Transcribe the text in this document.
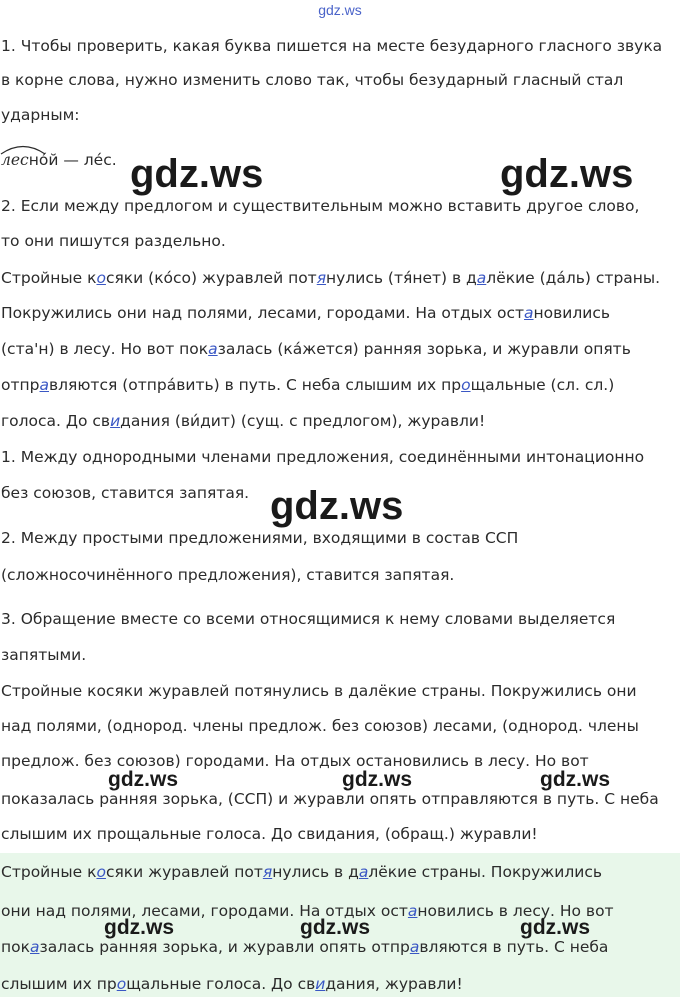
gdz.ws
1. Чтобы проверить, какая буква пишется на месте безударного гласного звука
в корне слова, нужно изменить слово так, чтобы безударный гласный стал
ударным:
лесно́й — ле́с.
2. Если между предлогом и существительным можно вставить другое слово,
то они пишутся раздельно.
Стройные косяки (ко́со) журавлей потянулись (тя́нет) в далёкие (да́ль) страны.
Покружились они над полями, лесами, городами. На отдых остановились
(ста'н) в лесу. Но вот показалась (ка́жется) ранняя зорька, и журавли опять
отправляются (отпра́вить) в путь. С неба слышим их прощальные (сл. сл.)
голоса. До свидания (ви́дит) (сущ. с предлогом), журавли!
1. Между однородными членами предложения, соединёнными интонационно
без союзов, ставится запятая.
2. Между простыми предложениями, входящими в состав ССП
(сложносочинённого предложения), ставится запятая.
3. Обращение вместе со всеми относящимися к нему словами выделяется
запятыми.
Стройные косяки журавлей потянулись в далёкие страны. Покружились они
над полями, (однород. члены предлож. без союзов) лесами, (однород. члены
предлож. без союзов) городами. На отдых остановились в лесу. Но вот
показалась ранняя зорька, (ССП) и журавли опять отправляются в путь. С неба
слышим их прощальные голоса. До свидания, (обращ.) журавли!
Стройные косяки журавлей потянулись в далёкие страны. Покружились
они над полями, лесами, городами. На отдых остановились в лесу. Но вот
показалась ранняя зорька, и журавли опять отправляются в путь. С неба
слышим их прощальные голоса. До свидания, журавли!
gdz.ws	gdz.ws
gdz.ws
gdz.ws	gdz.ws	gdz.ws
gdz.ws	gdz.ws	gdz.ws
